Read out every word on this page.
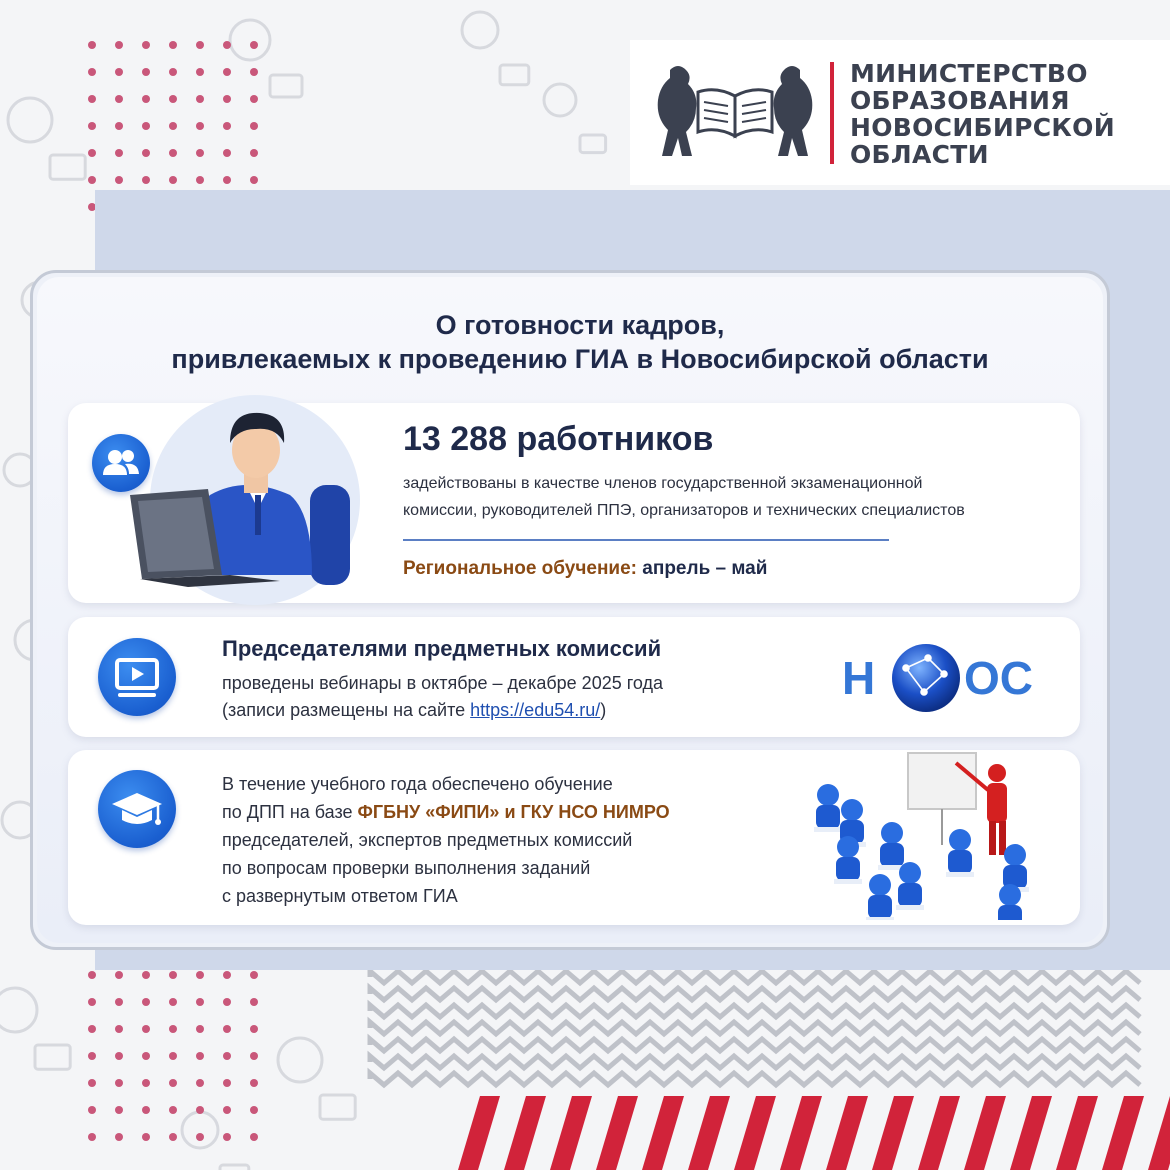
МИНИСТЕРСТВО
ОБРАЗОВАНИЯ
НОВОСИБИРСКОЙ
ОБЛАСТИ
О готовности кадров,
привлекаемых к проведению ГИА в Новосибирской области
13 288 работников
задействованы в качестве членов государственной экзаменационной
комиссии, руководителей ППЭ, организаторов и технических специалистов
Региональное обучение: апрель – май
Председателями предметных комиссий
проведены вебинары в октябре – декабре 2025 года
(записи размещены на сайте https://edu54.ru/)
Н ОС
В течение учебного года обеспечено обучение
по ДПП на базе ФГБНУ «ФИПИ» и ГКУ НСО НИМРО
председателей, экспертов предметных комиссий
по вопросам проверки выполнения заданий
с развернутым ответом ГИА
